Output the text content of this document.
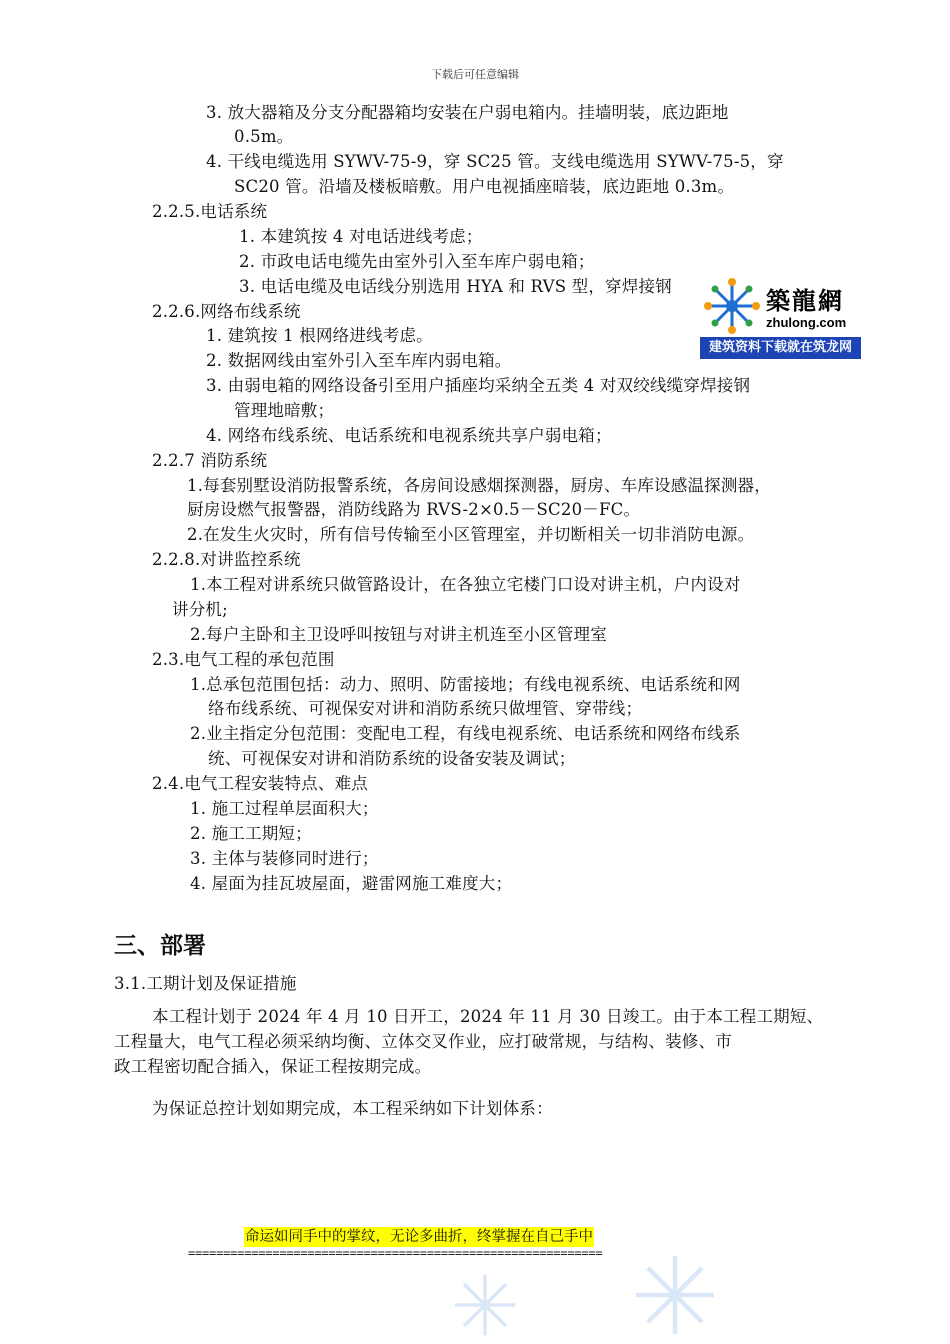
下载后可任意编辑
3. 放大器箱及分支分配器箱均安装在户弱电箱内。挂墙明装，底边距地
0.5m。
4. 干线电缆选用 SYWV-75-9，穿 SC25 管。支线电缆选用 SYWV-75-5，穿
SC20 管。沿墙及楼板暗敷。用户电视插座暗装，底边距地 0.3m。
2.2.5.电话系统
1. 本建筑按 4 对电话进线考虑；
2. 市政电话电缆先由室外引入至车库户弱电箱；
3. 电话电缆及电话线分别选用 HYA 和 RVS 型，穿焊接钢
2.2.6.网络布线系统
1. 建筑按 1 根网络进线考虑。
2. 数据网线由室外引入至车库内弱电箱。
3. 由弱电箱的网络设备引至用户插座均采纳全五类 4 对双绞线缆穿焊接钢
管理地暗敷；
4. 网络布线系统、电话系统和电视系统共享户弱电箱；
2.2.7 消防系统
1.每套别墅设消防报警系统，各房间设感烟探测器，厨房、车库设感温探测器，
厨房设燃气报警器，消防线路为 RVS-2×0.5－SC20－FC。
2.在发生火灾时，所有信号传输至小区管理室，并切断相关一切非消防电源。
2.2.8.对讲监控系统
1.本工程对讲系统只做管路设计，在各独立宅楼门口设对讲主机，户内设对
讲分机;
2.每户主卧和主卫设呼叫按钮与对讲主机连至小区管理室
2.3.电气工程的承包范围
1.总承包范围包括：动力、照明、防雷接地；有线电视系统、电话系统和网
络布线系统、可视保安对讲和消防系统只做埋管、穿带线；
2.业主指定分包范围：变配电工程，有线电视系统、电话系统和网络布线系
统、可视保安对讲和消防系统的设备安装及调试；
2.4.电气工程安装特点、难点
1. 施工过程单层面积大；
2. 施工工期短；
3. 主体与装修同时进行；
4. 屋面为挂瓦坡屋面，避雷网施工难度大；
三、部署
3.1.工期计划及保证措施
本工程计划于 2024 年 4 月 10 日开工，2024 年 11 月 30 日竣工。由于本工程工期短、
工程量大，电气工程必须采纳均衡、立体交叉作业，应打破常规，与结构、装修、市
政工程密切配合插入，保证工程按期完成。
为保证总控计划如期完成，本工程采纳如下计划体系：
築龍網
zhulong.com
建筑资料下载就在筑龙网
命运如同手中的掌纹，无论多曲折，终掌握在自己手中
===========================================================
